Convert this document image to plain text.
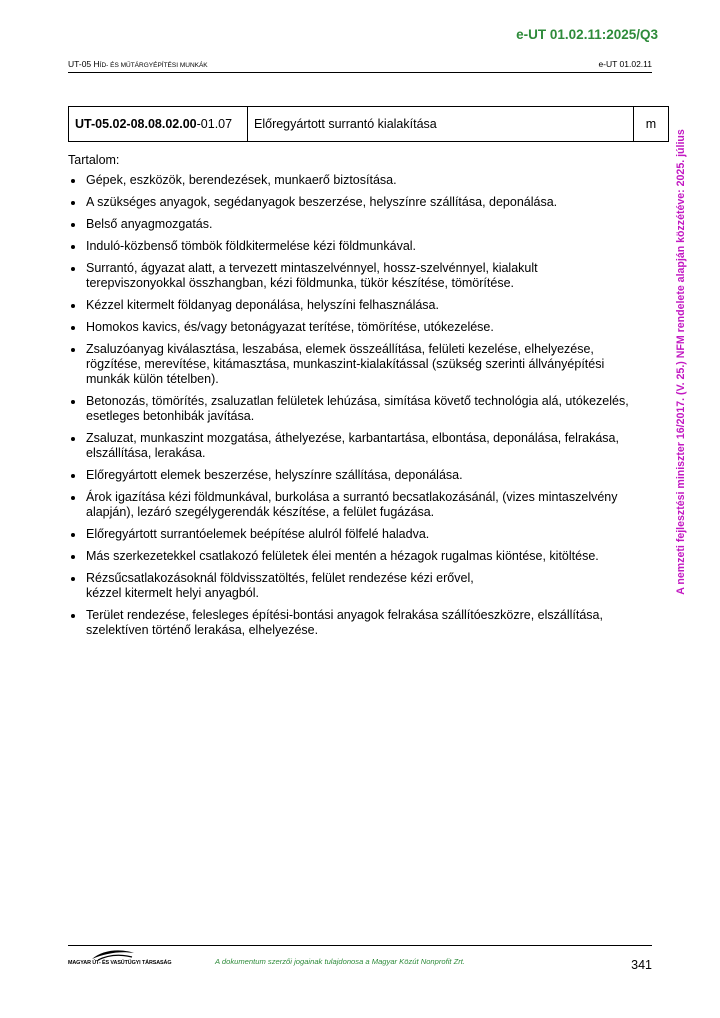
e-UT 01.02.11:2025/Q3
UT-05 HÍD- ÉS MŰTÁRGYÉPÍTÉSI MUNKÁK	e-UT 01.02.11
UT-05.02-08.08.02.00-01.07	Előregyártott surrantó kialakítása	m
A nemzeti fejlesztési miniszter 16/2017. (V. 25.) NFM rendelete alapján közzétéve: 2025. július

Tartalom:

Gépek, eszközök, berendezések, munkaerő biztosítása.
A szükséges anyagok, segédanyagok beszerzése, helyszínre szállítása, deponálása.
Belső anyagmozgatás.
Induló-közbenső tömbök földkitermelése kézi földmunkával.
Surrantó, ágyazat alatt, a tervezett mintaszelvénnyel, hossz-szelvénnyel, kialakult terepviszonyokkal összhangban, kézi földmunka, tükör készítése, tömörítése.
Kézzel kitermelt földanyag deponálása, helyszíni felhasználása.
Homokos kavics, és/vagy betonágyazat terítése, tömörítése, utókezelése.
Zsaluzóanyag kiválasztása, leszabása, elemek összeállítása, felületi kezelése, elhelyezése, rögzítése, merevítése, kitámasztása, munkaszint-kialakítással (szükség szerinti állványépítési munkák külön tételben).
Betonozás, tömörítés, zsaluzatlan felületek lehúzása, simítása követő technológia alá, utókezelés, esetleges betonhibák javítása.
Zsaluzat, munkaszint mozgatása, áthelyezése, karbantartása, elbontása, deponálása, felrakása, elszállítása, lerakása.
Előregyártott elemek beszerzése, helyszínre szállítása, deponálása.
Árok igazítása kézi földmunkával, burkolása a surrantó becsatlakozásánál, (vizes mintaszelvény alapján), lezáró szegélygerendák készítése, a felület fugázása.
Előregyártott surrantóelemek beépítése alulról fölfelé haladva.
Más szerkezetekkel csatlakozó felületek élei mentén a hézagok rugalmas kiöntése, kitöltése.
Rézsűcsatlakozásoknál földvisszatöltés, felület rendezése kézi erővel,
kézzel kitermelt helyi anyagból.
Terület rendezése, felesleges építési-bontási anyagok felrakása szállítóeszközre, elszállítása, szelektíven történő lerakása, elhelyezése.
MAGYAR ÚT- ÉS VASÚTÜGYI TÁRSASÁG	A dokumentum szerzői jogainak tulajdonosa a Magyar Közút Nonprofit Zrt.	341
